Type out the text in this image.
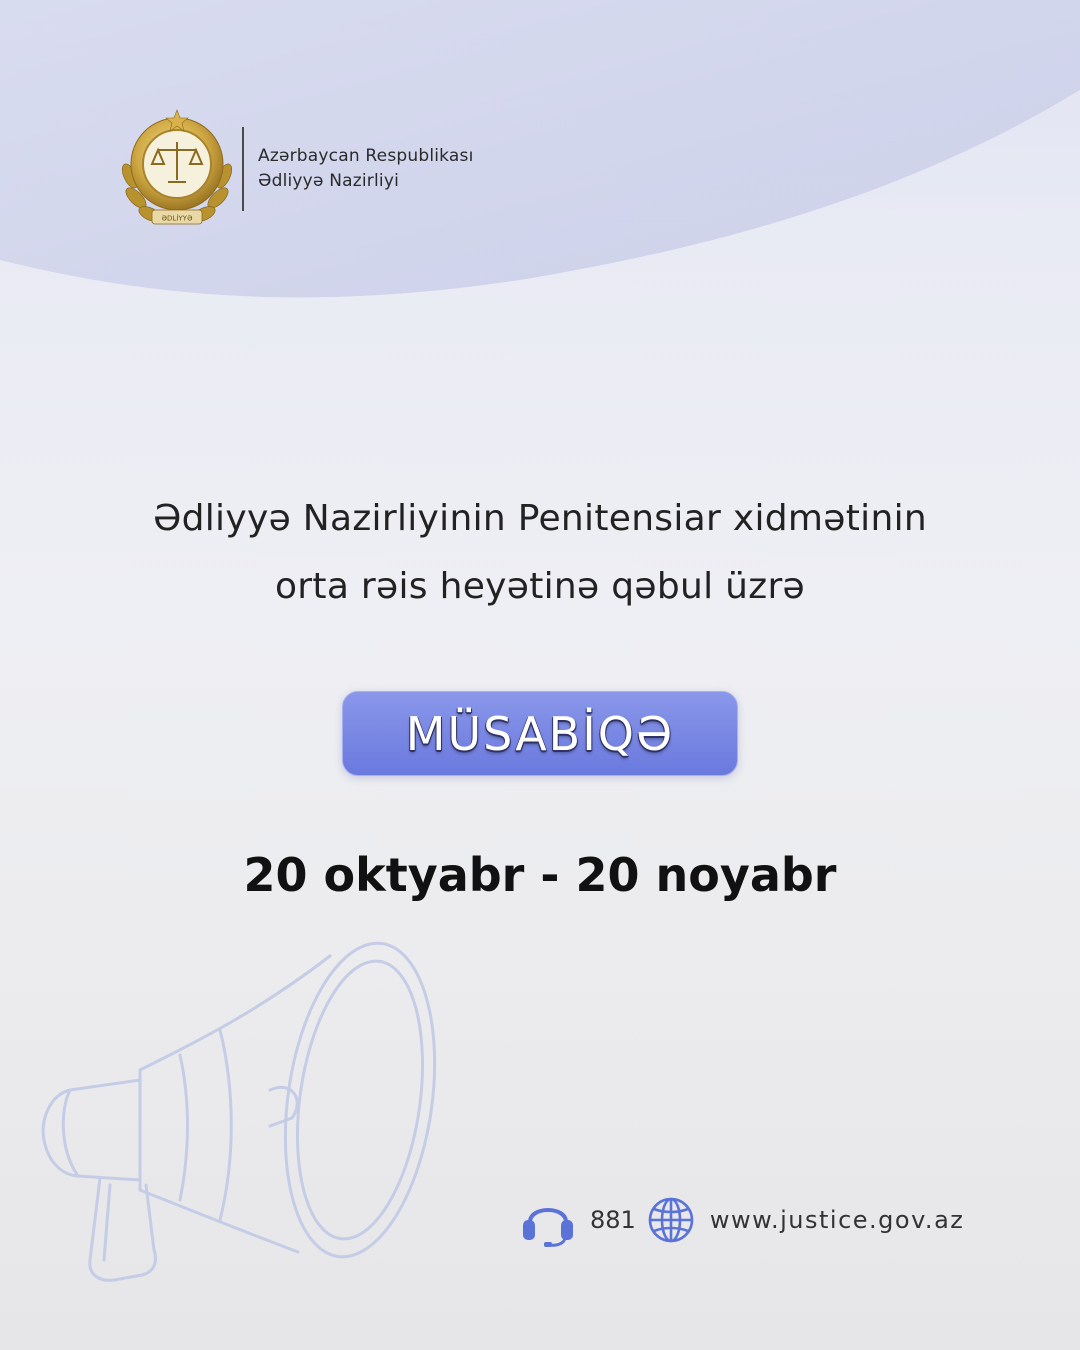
ƏDLİYYƏ
Azərbaycan Respublikası
Ədliyyə Nazirliyi
Ədliyyə Nazirliyinin Penitensiar xidmətinin
orta rəis heyətinə qəbul üzrə
MÜSABİQƏ
20 oktyabr - 20 noyabr
881	www.justice.gov.az
